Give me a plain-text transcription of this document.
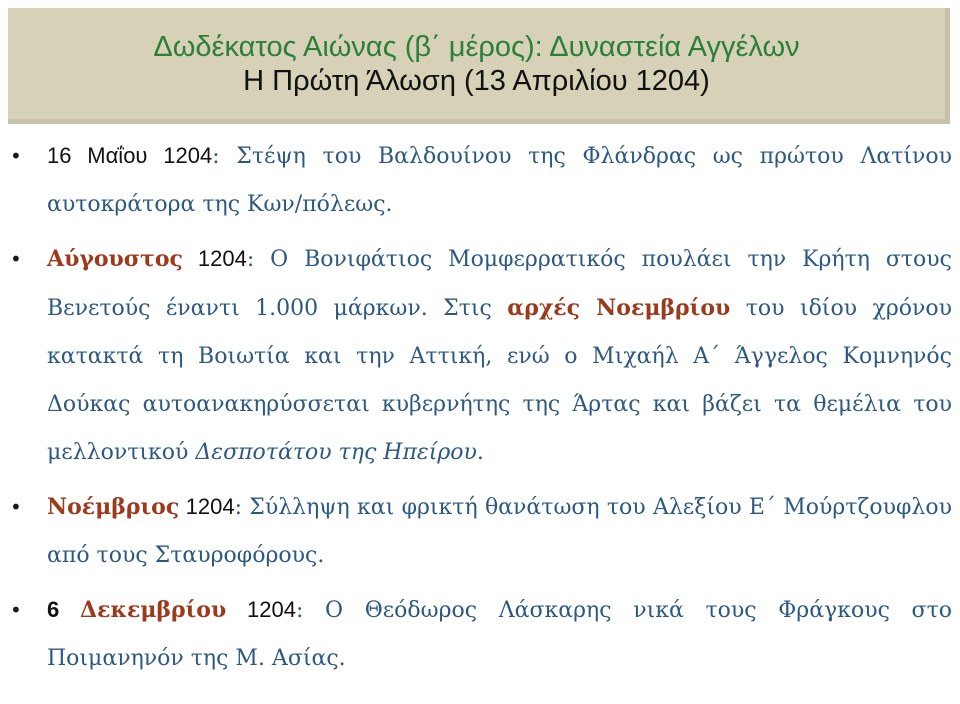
Δωδέκατος Αιώνας (β΄ μέρος): Δυναστεία Αγγέλων
Η Πρώτη Άλωση (13 Απριλίου 1204)
• 16 Μαΐου 1204: Στέψη του Βαλδουίνου της Φλάνδρας ως πρώτου Λατίνου αυτοκράτορα της Κων/πόλεως.
• Αύγουστος 1204: Ο Βονιφάτιος Μομφερρατικός πουλάει την Κρήτη στους Βενετούς έναντι 1.000 μάρκων. Στις αρχές Νοεμβρίου του ιδίου χρόνου κατακτά τη Βοιωτία και την Αττική, ενώ ο Μιχαήλ Α΄ Άγγελος Κομνηνός Δούκας αυτοανακηρύσσεται κυβερνήτης της Άρτας και βάζει τα θεμέλια του μελλοντικού Δεσποτάτου της Ηπείρου.
• Νοέμβριος 1204: Σύλληψη και φρικτή θανάτωση του Αλεξίου Ε΄ Μούρτζουφλου από τους Σταυροφόρους.
• 6 Δεκεμβρίου 1204: Ο Θεόδωρος Λάσκαρης νικά τους Φράγκους στο Ποιμανηνόν της Μ. Ασίας.
